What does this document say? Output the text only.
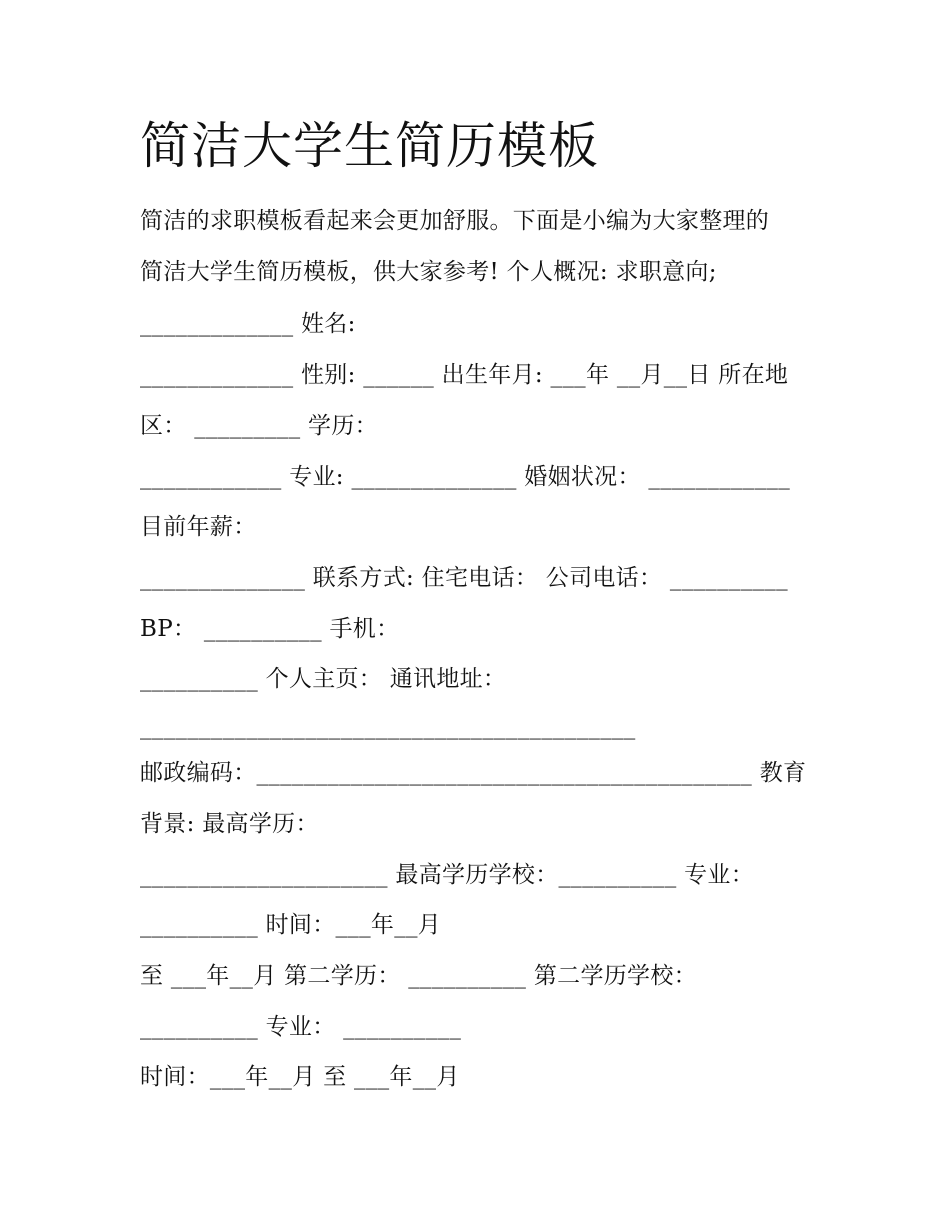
简洁大学生简历模板
简洁的求职模板看起来会更加舒服。下面是小编为大家整理的
简洁大学生简历模板，供大家参考! 个人概况: 求职意向;
_____________ 姓名:
_____________ 性别: ______ 出生年月: ___年 __月__日 所在地
区： _________ 学历：
____________ 专业: ______________ 婚姻状况： ____________
目前年薪：
______________ 联系方式: 住宅电话： 公司电话： __________
BP： __________ 手机：
__________ 个人主页： 通讯地址：
__________________________________________
邮政编码：__________________________________________ 教育
背景: 最高学历：
_____________________ 最高学历学校：__________ 专业：
__________ 时间：___年__月
至 ___年__月 第二学历： __________ 第二学历学校：
__________ 专业： __________
时间：___年__月 至 ___年__月
